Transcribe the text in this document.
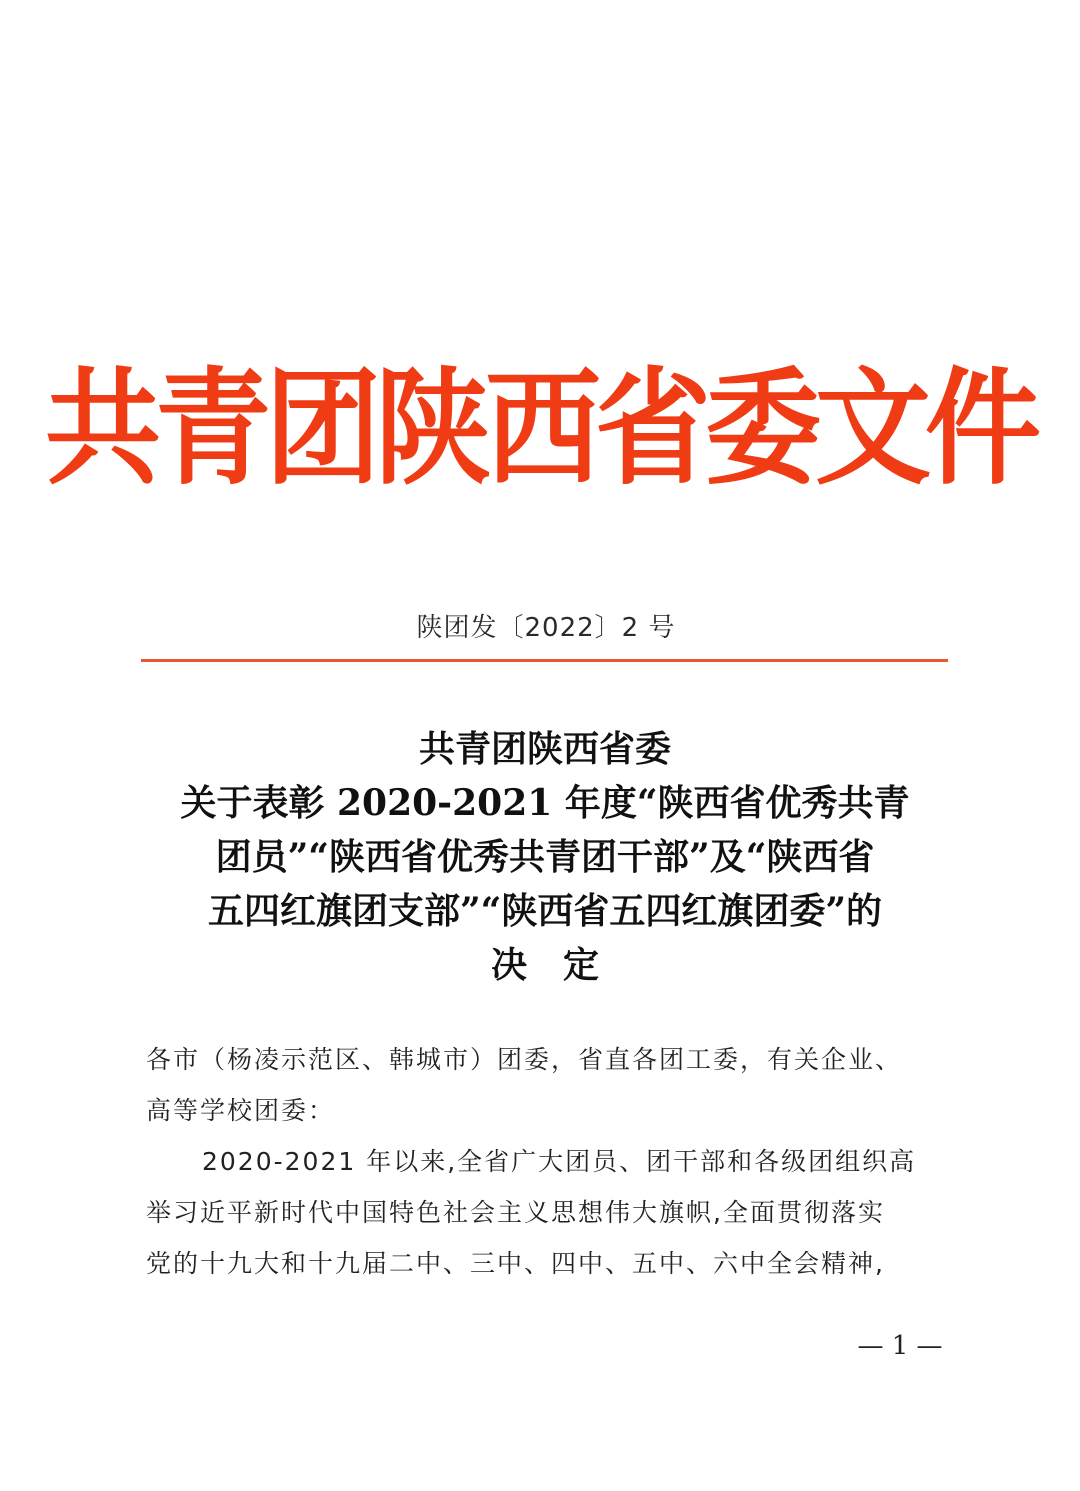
共青团陕西省委文件
陕团发〔2022〕2 号
共青团陕西省委
关于表彰 2020-2021 年度“陕西省优秀共青
团员”“陕西省优秀共青团干部”及“陕西省
五四红旗团支部”“陕西省五四红旗团委”的
决　定
各市（杨凌示范区、韩城市）团委，省直各团工委，有关企业、
高等学校团委：
2020-2021 年以来,全省广大团员、团干部和各级团组织高
举习近平新时代中国特色社会主义思想伟大旗帜,全面贯彻落实
党的十九大和十九届二中、三中、四中、五中、六中全会精神,
— 1 —
